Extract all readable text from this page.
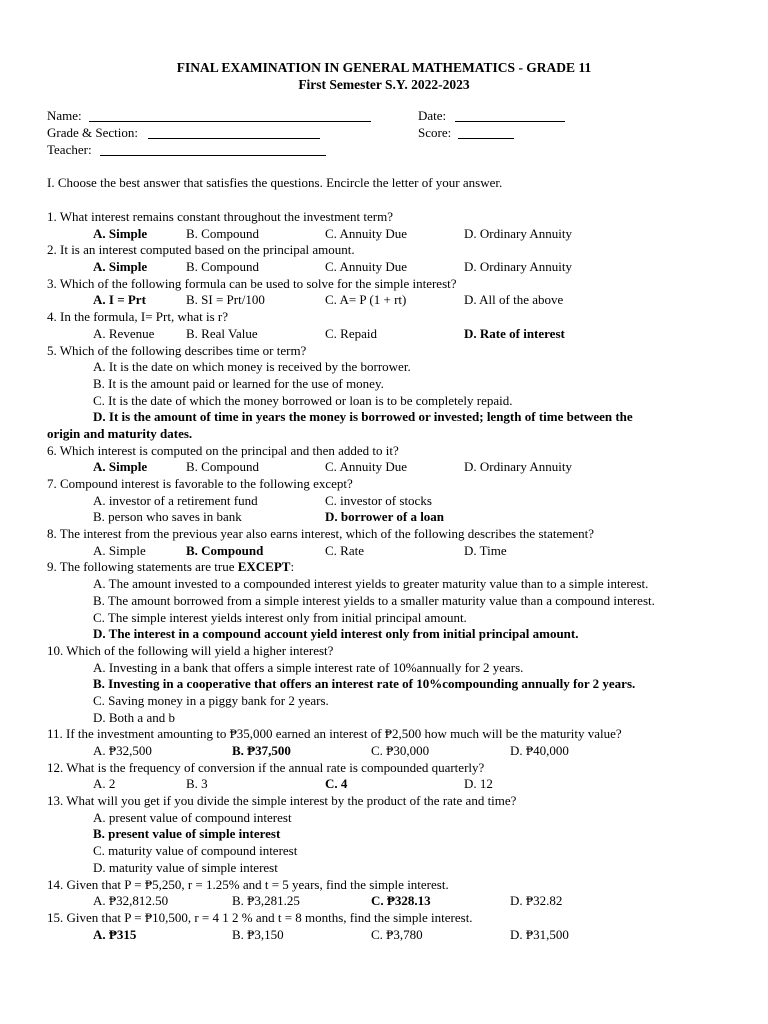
FINAL EXAMINATION IN GENERAL MATHEMATICS - GRADE 11
First Semester S.Y. 2022-2023
Name:	Date:
Grade & Section:	Score:
Teacher:
I. Choose the best answer that satisfies the questions. Encircle the letter of your answer.
1. What interest remains constant throughout the investment term?
A. Simple	B. Compound	C. Annuity Due	D. Ordinary Annuity
2. It is an interest computed based on the principal amount.
A. Simple	B. Compound	C. Annuity Due	D. Ordinary Annuity
3. Which of the following formula can be used to solve for the simple interest?
A. I = Prt	B. SI = Prt/100	C. A= P (1 + rt)	D. All of the above
4. In the formula, I= Prt, what is r?
A. Revenue B. Real Value	C. Repaid	D. Rate of interest
5. Which of the following describes time or term?
A. It is the date on which money is received by the borrower.
B. It is the amount paid or learned for the use of money.
C. It is the date of which the money borrowed or loan is to be completely repaid.
D. It is the amount of time in years the money is borrowed or invested; length of time between the
origin and maturity dates.
6. Which interest is computed on the principal and then added to it?
A. Simple	B. Compound	C. Annuity Due	D. Ordinary Annuity
7. Compound interest is favorable to the following except?
A. investor of a retirement fund	C. investor of stocks
B. person who saves in bank	D. borrower of a loan
8. The interest from the previous year also earns interest, which of the following describes the statement?
A. Simple	B. Compound	C. Rate	D. Time
9. The following statements are true EXCEPT:
A. The amount invested to a compounded interest yields to greater maturity value than to a simple interest.
B. The amount borrowed from a simple interest yields to a smaller maturity value than a compound interest.
C. The simple interest yields interest only from initial principal amount.
D. The interest in a compound account yield interest only from initial principal amount.
10. Which of the following will yield a higher interest?
A. Investing in a bank that offers a simple interest rate of 10%annually for 2 years.
B. Investing in a cooperative that offers an interest rate of 10%compounding annually for 2 years.
C. Saving money in a piggy bank for 2 years.
D. Both a and b
11. If the investment amounting to ₱35,000 earned an interest of ₱2,500 how much will be the maturity value?
A. ₱32,500	B. ₱37,500	C. ₱30,000	D. ₱40,000
12. What is the frequency of conversion if the annual rate is compounded quarterly?
A. 2	B. 3	C. 4	D. 12
13. What will you get if you divide the simple interest by the product of the rate and time?
A. present value of compound interest
B. present value of simple interest
C. maturity value of compound interest
D. maturity value of simple interest
14. Given that P = ₱5,250, r = 1.25% and t = 5 years, find the simple interest.
A. ₱32,812.50	B. ₱3,281.25	C. ₱328.13	D. ₱32.82
15. Given that P = ₱10,500, r = 4 1 2 % and t = 8 months, find the simple interest.
A. ₱315	B. ₱3,150	C. ₱3,780	D. ₱31,500
